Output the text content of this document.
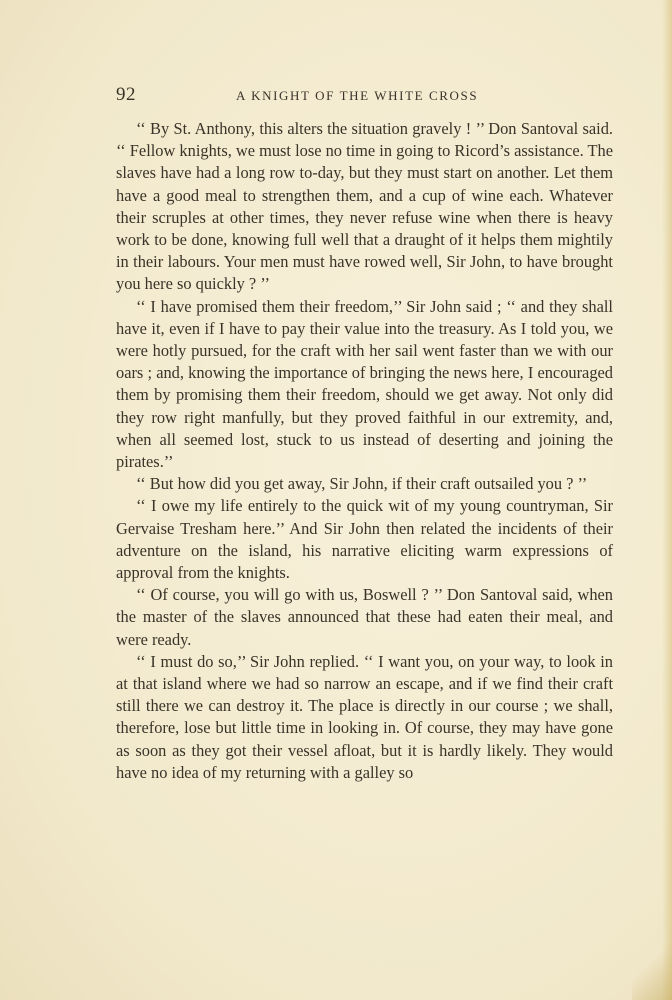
92	A KNIGHT OF THE WHITE CROSS

‘‘ By St. Anthony, this alters the situation gravely ! ’’ Don Santoval said. ‘‘ Fellow knights, we must lose no time in going to Ricord’s assistance. The slaves have had a long row to-day, but they must start on another. Let them have a good meal to strengthen them, and a cup of wine each. Whatever their scruples at other times, they never refuse wine when there is heavy work to be done, knowing full well that a draught of it helps them mightily in their labours. Your men must have rowed well, Sir John, to have brought you here so quickly ? ’’

‘‘ I have promised them their freedom,’’ Sir John said ; ‘‘ and they shall have it, even if I have to pay their value into the treasury. As I told you, we were hotly pursued, for the craft with her sail went faster than we with our oars ; and, knowing the importance of bringing the news here, I encouraged them by promising them their freedom, should we get away. Not only did they row right manfully, but they proved faithful in our extremity, and, when all seemed lost, stuck to us instead of deserting and joining the pirates.’’

‘‘ But how did you get away, Sir John, if their craft outsailed you ? ’’

‘‘ I owe my life entirely to the quick wit of my young countryman, Sir Gervaise Tresham here.’’ And Sir John then related the incidents of their adventure on the island, his narrative eliciting warm expressions of approval from the knights.

‘‘ Of course, you will go with us, Boswell ? ’’ Don Santoval said, when the master of the slaves announced that these had eaten their meal, and were ready.

‘‘ I must do so,’’ Sir John replied. ‘‘ I want you, on your way, to look in at that island where we had so narrow an escape, and if we find their craft still there we can destroy it. The place is directly in our course ; we shall, therefore, lose but little time in looking in. Of course, they may have gone as soon as they got their vessel afloat, but it is hardly likely. They would have no idea of my returning with a galley so
